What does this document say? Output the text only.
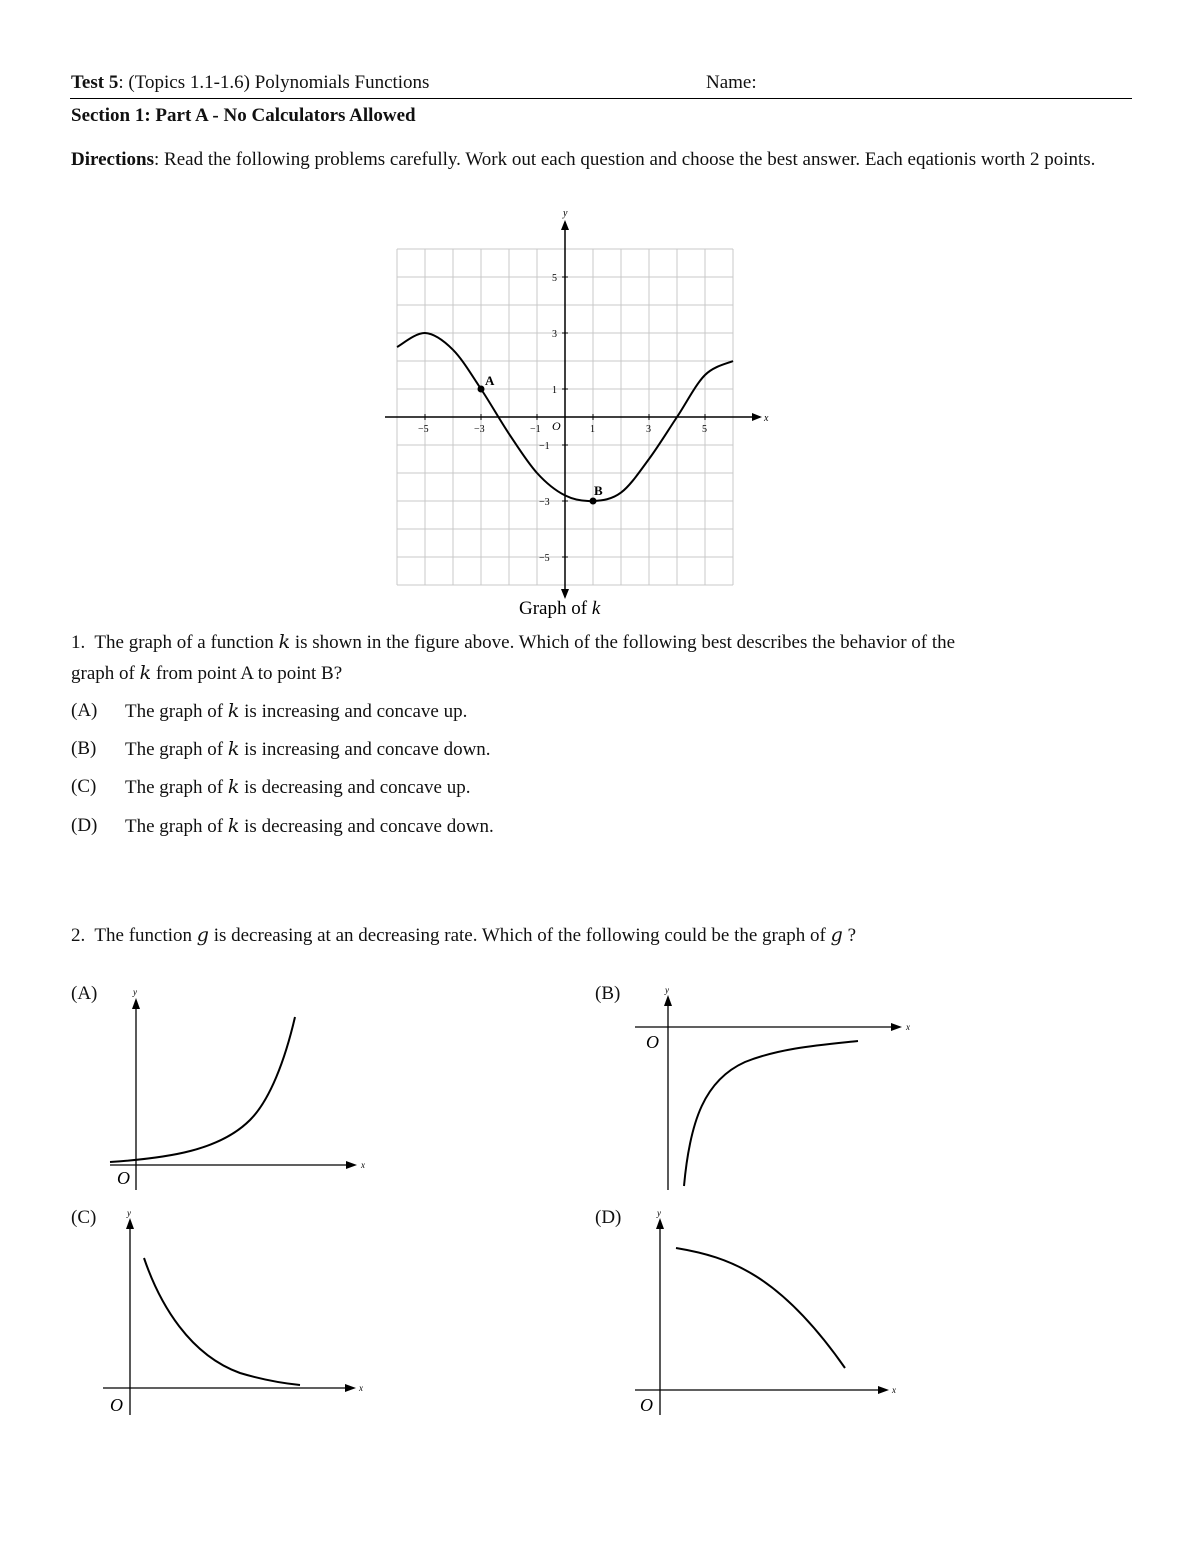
Test 5: (Topics 1.1-1.6) Polynomials Functions	Name:
Section 1: Part A - No Calculators Allowed
Directions: Read the following problems carefully. Work out each question and choose the best answer. Each eqationis worth 2 points.
−5	−3	−1	1	3	5
5
3
1
−1
−3
−5
x
y
O
A
B
Graph of k
1. The graph of a function k is shown in the figure above. Which of the following best describes the behavior of the
graph of k from point A to point B?
(A) The graph of k is increasing and concave up.
(B) The graph of k is increasing and concave down.
(C) The graph of k is decreasing and concave up.
(D) The graph of k is decreasing and concave down.
2. The function g is decreasing at an decreasing rate. Which of the following could be the graph of g ?
(A)
x
y
O
(B)
x
y
O
(C)
x
y
O
(D)
x
y
O
